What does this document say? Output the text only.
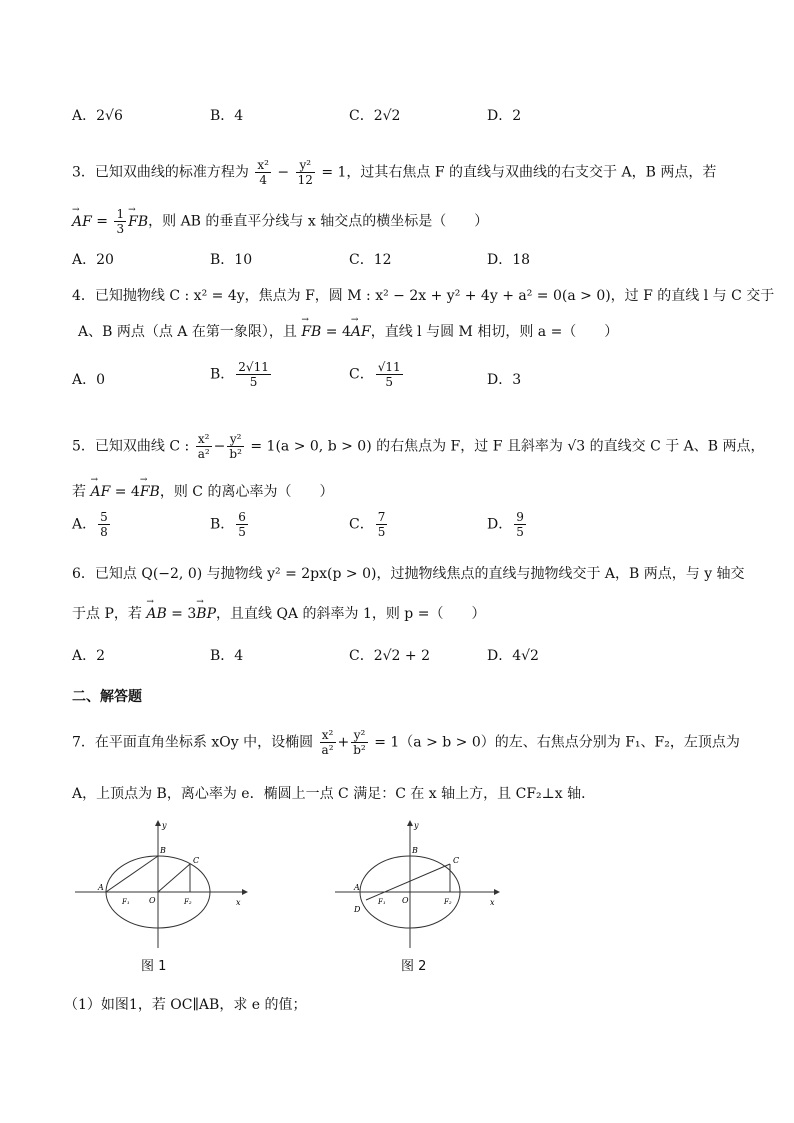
A．2√6	B．4	C．2√2	D．2
3．已知双曲线的标准方程为 $\frac{\text{x²}}{4} - \frac{\text{y²}}{12} = 1$，过其右焦点 F 的直线与双曲线的右支交于 A，B 两点，若
→ AF = $\frac{1}{3}$
→ FB，则 AB 的垂直平分线与 x 轴交点的横坐标是（　　）
A．20	B．10	C．12	D．18
4．已知抛物线 C : x² = 4y，焦点为 F，圆 M : x² − 2x + y² + 4y + a² = 0(a > 0)，过 F 的直线 l 与 C 交于
A、B 两点（点 A 在第一象限），且 → FB = 4→ AF，直线 l 与圆 M 相切，则 a =（　　）
A．0	B． $\frac{2√11}{5}$	C． $\frac{√11}{5}$	D．3
5．已知双曲线 C : $\frac{\text{x²}}{\text{a²}} - \frac{\text{y²}}{\text{b²}} = 1(a > 0$, b > 0) 的右焦点为 F，过 F 且斜率为 √3 的直线交 C 于 A、B 两点，
若 → AF = 4→ FB，则 C 的离心率为（　　）
A． $\frac{5}{8}$	B． $\frac{6}{5}$	C． $\frac{7}{5}$	D． $\frac{9}{5}$
6．已知点 Q(−2, 0) 与抛物线 y² = 2px(p > 0)，过抛物线焦点的直线与抛物线交于 A，B 两点，与 y 轴交
于点 P，若 → AB = 3→ BP，且直线 QA 的斜率为 1，则 p =（　　）
A．2	B．4	C．2√2 + 2	D．4√2
二、解答题
7．在平面直角坐标系 xOy 中，设椭圆 $\frac{\text{x²}}{\text{a²}} + \frac{\text{y²}}{\text{b²}} = 1(a > b > 0)$的左、右焦点分别为 F₁、F₂，左顶点为
A，上顶点为 B，离心率为 e．椭圆上一点 C 满足：C 在 x 轴上方，且 CF₂⊥x 轴．
y
x
A
B
C
O
F₁	F₂
图 1
y
x
A
D
B
C
O
F₁	F₂
图 2
（1）如图1，若 OC∥AB，求 e 的值；
